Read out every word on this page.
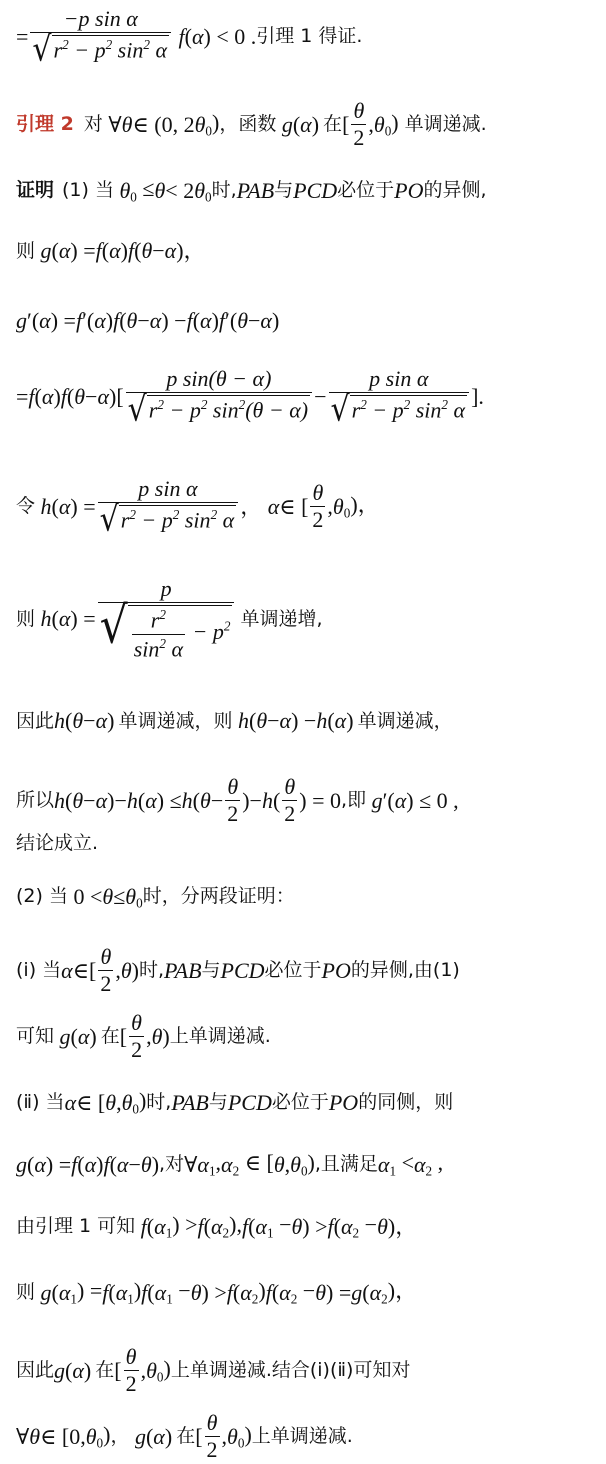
= $\frac{\text{−p sin α}}{√ r^2 - p^2 \sin^2 \alpha}$ f ( α ) < 0 . 引理 1 得证.
引理 2 对 ∀ θ ∈ (0, 2 θ $_0$) ，函数 g ( α ) 在 [ $\frac{\theta}{2}$ , θ $_0$) 单调递减.
证明 (1) 当 θ $_0$ ≤ θ < 2 θ $_0$ 时, PAB 与 PCD 必位于 PO 的异侧,
则 g ( α ) = f ( α ) f ( θ − α )，
g ′( α ) = f ′( α ) f ( θ − α ) − f ( α ) f ′( θ − α )
= f ( α ) f ( θ − α )[ $\frac{\text{p sin(θ − α)}}{√ r^2 - p^2 \sin^2(\theta - \alpha)} - \frac{\text{p sin α}}{√ r^2 - p^2 \sin^2 \alpha}$ ].
令 h ( α ) = $\frac{\text{p sin α}}{√ r^2 - p^2 \sin^2 \alpha}$ ， α ∈ [ $\frac{\theta}{2}$ , θ $_0$)，
则 h ( α ) = $\frac{p}{√ \frac{r^2}{\sin^2 \alpha} - p^2}$ 单调递增,
因此 h ( θ − α ) 单调递减，则 h ( θ − α ) − h ( α ) 单调递减，
所以 h ( θ − α )− h ( α ) ≤ h ( $\theta - \frac{\theta}{2}$ )− h ( $\frac{\theta}{2}$ ) = 0 ,即 g ′( α ) ≤ 0 ,
结论成立.
(2) 当 0 < θ ≤ θ $_0$ 时，分两段证明：
(ⅰ) 当 α ∈[ $\frac{\theta}{2}$ , θ ) 时, PAB 与 PCD 必位于 PO 的异侧,由(1)
可知 g ( α ) 在 [ $\frac{\theta}{2}$ , θ ) 上单调递减.
(ⅱ) 当 α ∈ [ θ , θ $_0$) 时, PAB 与 PCD 必位于 PO 的同侧，则
g ( α ) = f ( α ) f ( α − θ ) ,对 ∀ α $_1$, α $_2$ ∈ [ θ , θ $_0$) ,且满足 α $_1$ < α $_2$ ,
由引理 1 可知 f ( α $_1$) > f ( α $_2$), f ( α $_1$ − θ ) > f ( α $_2$ − θ )，
则 g ( α $_1$) = f ( α $_1$) f ( α $_1$ − θ ) > f ( α $_2$) f ( α $_2$ − θ ) = g ( α $_2$)，
因此 g ( α ) 在 [ $\frac{\theta}{2}$ , θ $_0$) 上单调递减.结合(ⅰ)(ⅱ)可知对
∀ θ ∈ [0, θ $_0$) ， g ( α ) 在 [ $\frac{\theta}{2}$ , θ $_0$) 上单调递减.
